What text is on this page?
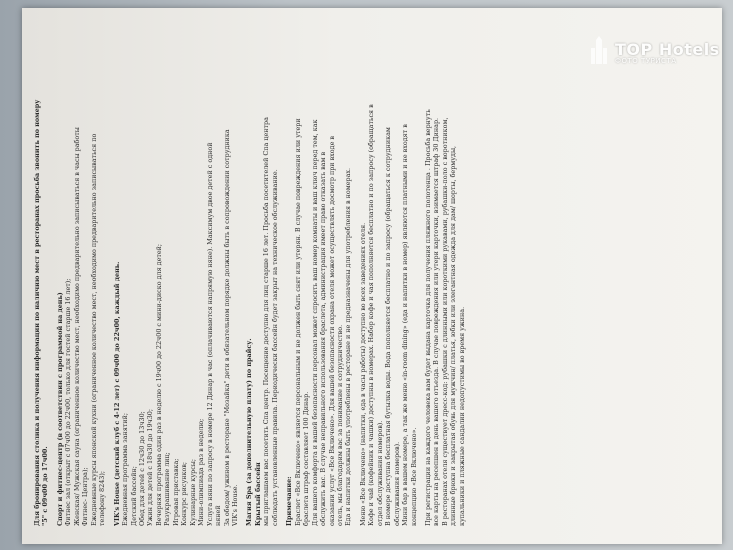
Для бронирования столика и получения информации по наличию мест в ресторанах просьба звонить по номеру "5" с 09ч00 до 17ч00. Спорт и фитнес-центр (в соответствии с программой на день) Фитнес зал (открыт с 07ч00 до 22ч00, только для гостей старше 16 лет); Женская/ Мужская сауна (ограниченное количество мест, необходимо предварительно записываться в часы работы Фитнес- Центра); Ежедневные курсы японской кухни (ограниченное количество мест, необходимо предварительно записываться по телефону 8243); VIK's House (детский клуб с 4-12 лет) с 09ч00 до 22ч00, каждый день. Ежедневная программа занятий; Детский бассейн; Обед для детей с 12ч30 до 13ч30; Ужин для детей с 18ч30 до 19ч30; Вечерняя программа один раз в неделю с 19ч00 до 22ч00 с мини-диско для детей; Разукрашивание лиц; Игровая приставка; Конкурс рисунков; Кулинарные курсы; Мини-олимпиада раз в неделю; Услуга няни по запросу в номере 12 Динар в час (оплачиваются напрямую няне). Максимум двое детей с одной няней За обедом/ ужином в ресторане "Мозайка" дети в обязательном порядке должны быть в сопровождении сотрудника VIK's House. Магия Spa (за дополнительную плату) по прайсу. Крытый бассейн мы приглашаем вас посетить Спа центр. Посещение доступно для лиц старше 16 лет. Просьба посетителей Спа центра соблюдать установленные правила. Периодически бассейн будет закрыт на техническое обслуживание. Примечание: Браслет «Все Включено» является персональным и не должен быть снят или утерян. В случае повреждения или утери браслета штраф составляет 100 Динар. Для вашего комфорта и вашей безопасности персонал может спросить ваш номер комнаты и ваш ключ перед тем, как обслужить вас. В случае неправильного использования браслета, администрация имеет право отказать вам в оказании услуг «Все Включено». Для вашей безопасности охрана отеля может осуществлять досмотр при входе в отель, мы благодарим вас за понимание и сотрудничество. Еда и напитки должны быть употреблены в ресторане и не предназначены для употребления в номерах. Меню «Все Включено» (напитки, еда в часы работы) доступно во всех заведениях отеля. Кофе и чай (кофейник и чашки) доступны в номерах. Набор кофе и чая пополняется бесплатно и по запросу (обращаться в отдел обслуживания номеров). В номере доступна бесплатная бутылка воды. Вода пополняется бесплатно и по запросу (обращаться к сотрудникам обслуживания номеров). Мини бар в вашем номере, а так же меню «in-room dining» (еда и напитки в номер) являются платными и не входят в концепцию «Все Включено». При регистрации на каждого человека вам будет выдана карточка для получения пляжного полотенца . Просьба вернуть все карты на ресепшен в день вашего отъезда. В случае повреждения или утери карточки, взимается штраф 30 Динар. В ресторанах отеля существует дресс-код: рубашки с длинными или короткими рукавами, рубашки-поло с воротником, длинные брюки и закрытая обувь для мужчин/ платья, юбки или элегантная одежда для дам/ шорты, бермуды, купальники и пляжные сандалии недопустимы во время ужина.
TOP Hotels
ФОТО ТУРИСТА
